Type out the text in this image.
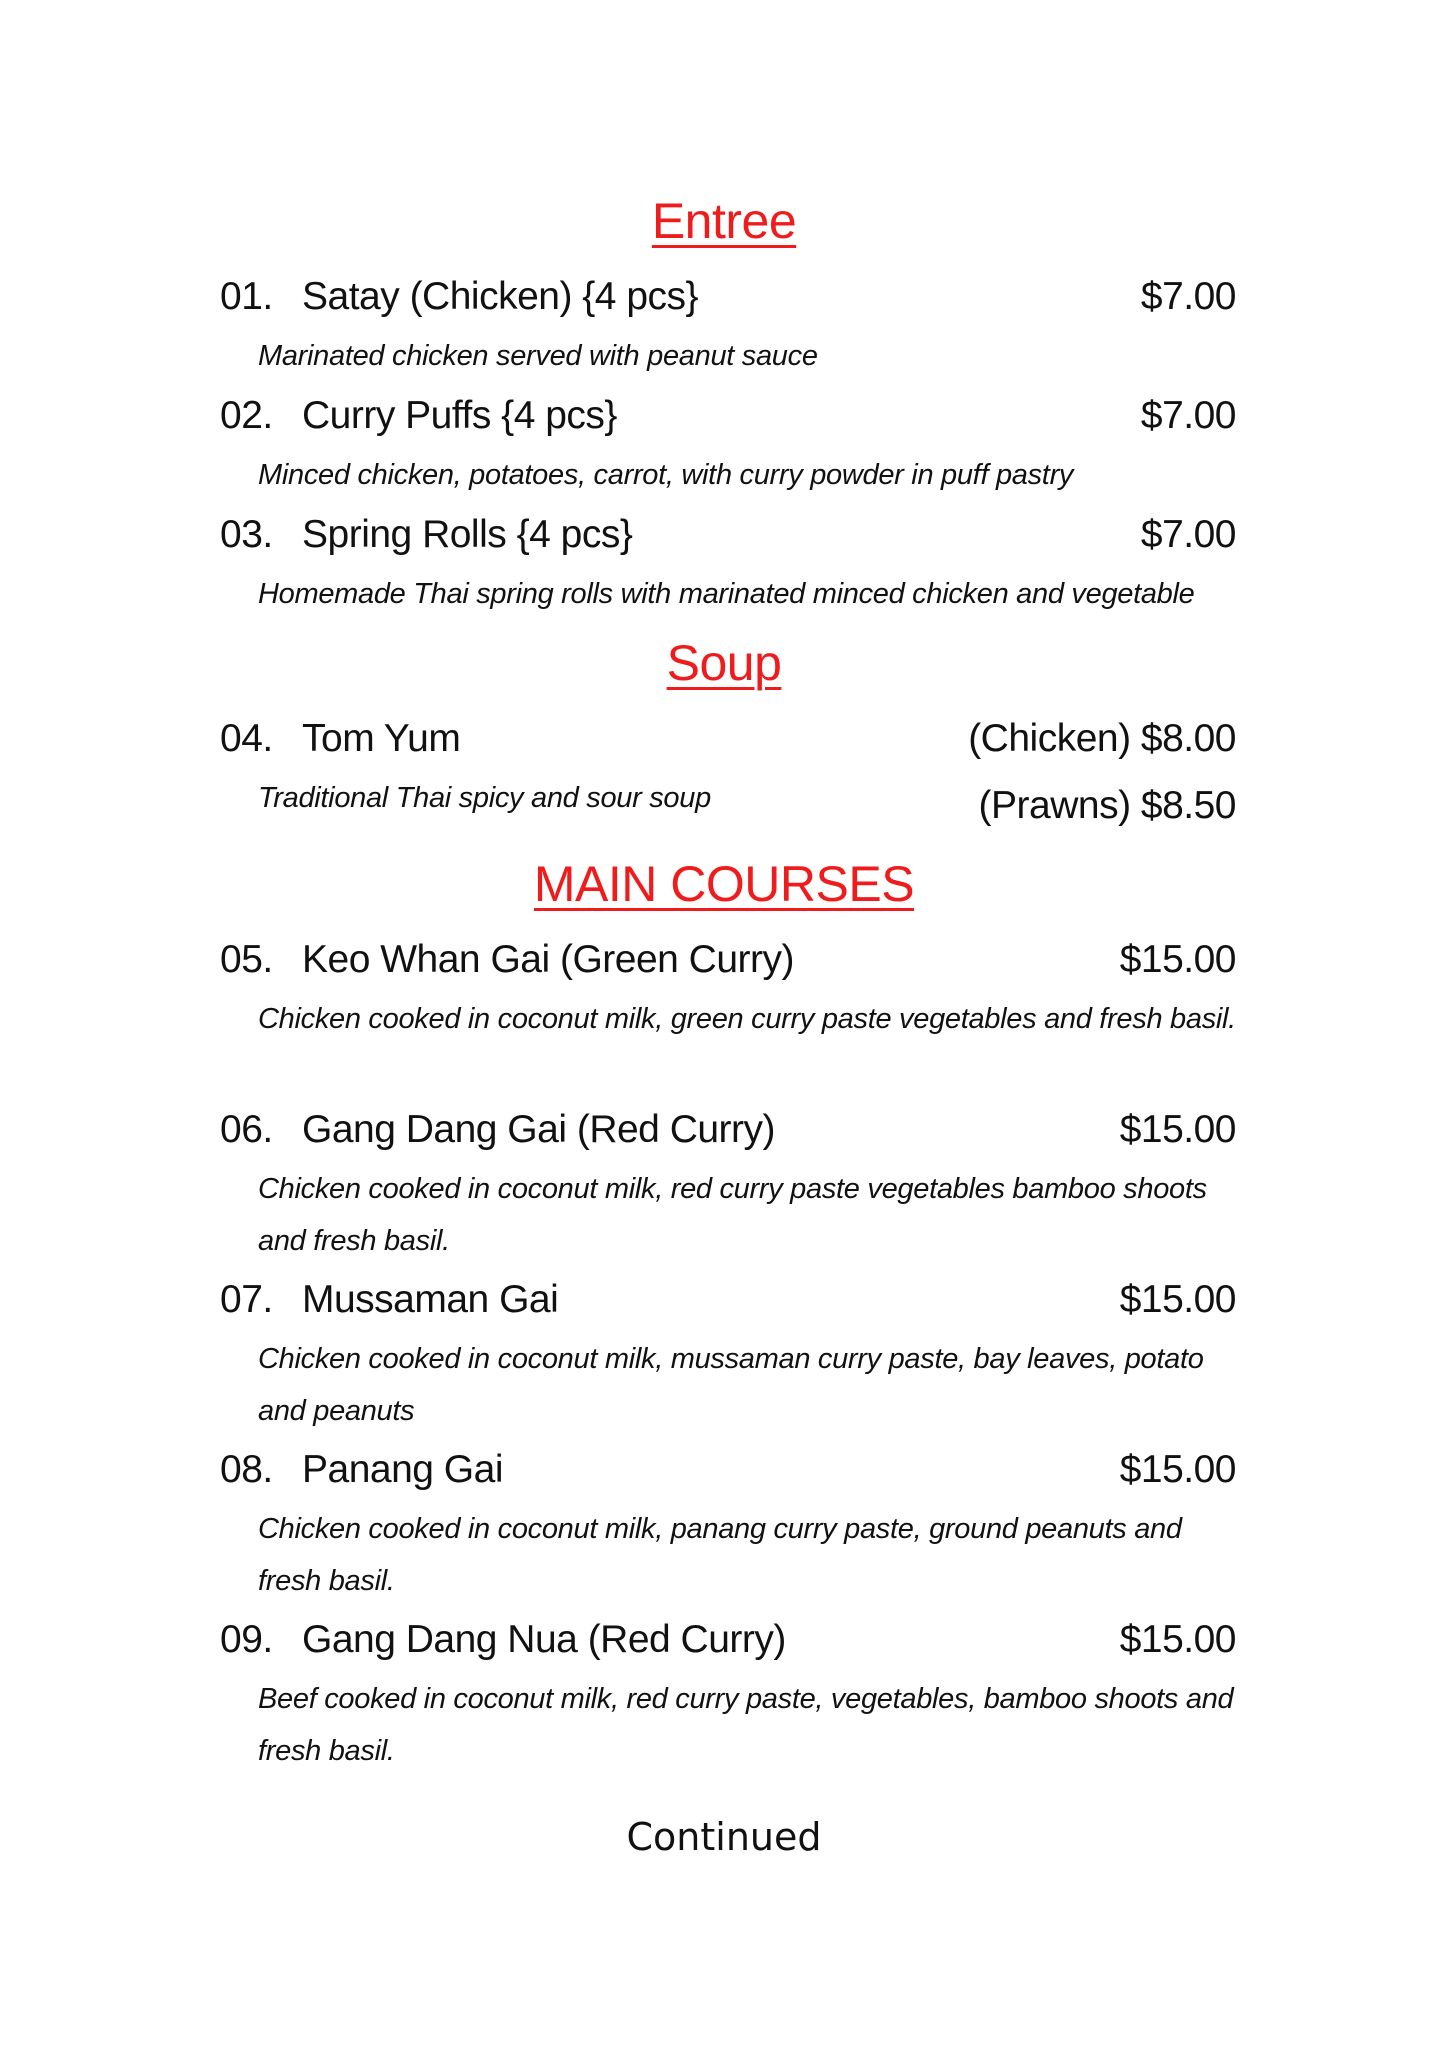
Entree
01. Satay (Chicken) {4 pcs}	$7.00
Marinated chicken served with peanut sauce
02. Curry Puffs {4 pcs}	$7.00
Minced chicken, potatoes, carrot, with curry powder in puff pastry
03. Spring Rolls {4 pcs}	$7.00
Homemade Thai spring rolls with marinated minced chicken and vegetable
Soup
04. Tom Yum	(Chicken) $8.00
Traditional Thai spicy and sour soup	(Prawns) $8.50
MAIN COURSES
05. Keo Whan Gai (Green Curry)	$15.00
Chicken cooked in coconut milk, green curry paste vegetables and fresh basil.
06. Gang Dang Gai (Red Curry)	$15.00
Chicken cooked in coconut milk, red curry paste vegetables bamboo shoots and fresh basil.
07. Mussaman Gai	$15.00
Chicken cooked in coconut milk, mussaman curry paste, bay leaves, potato and peanuts
08. Panang Gai	$15.00
Chicken cooked in coconut milk, panang curry paste, ground peanuts and fresh basil.
09. Gang Dang Nua (Red Curry)	$15.00
Beef cooked in coconut milk, red curry paste, vegetables, bamboo shoots and fresh basil.
Continued
